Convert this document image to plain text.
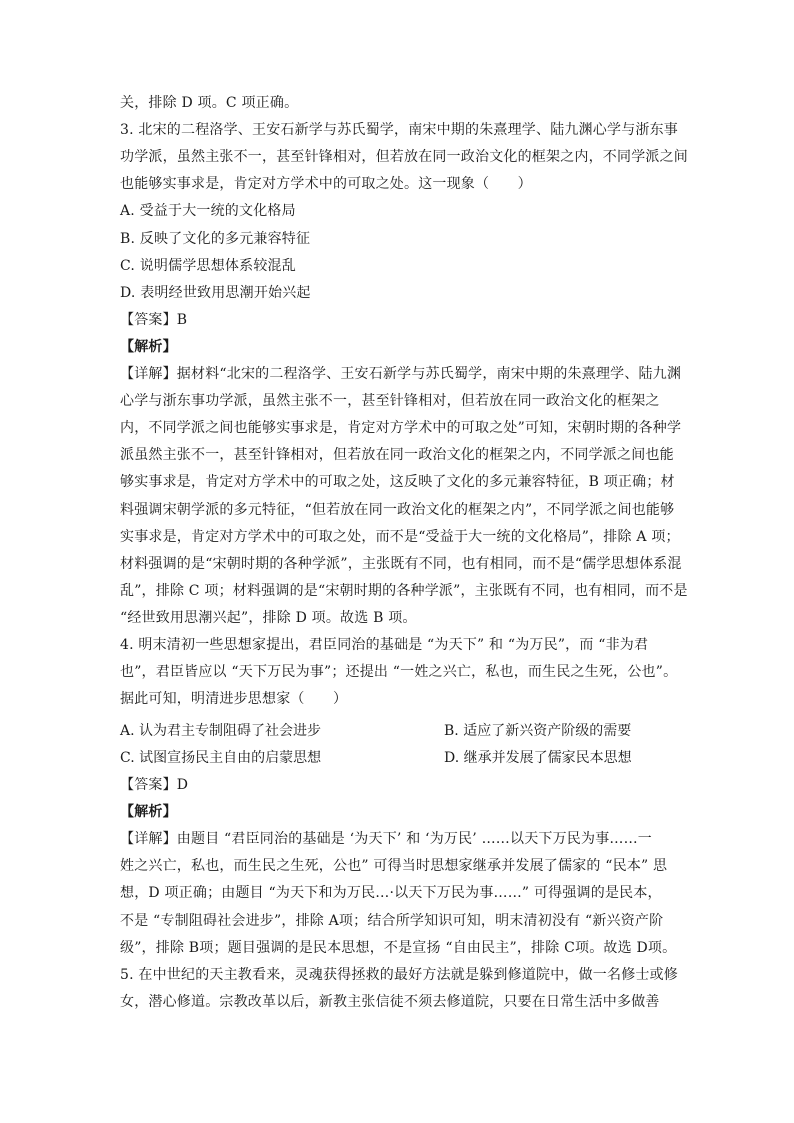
关，排除 D 项。C 项正确。
3. 北宋的二程洛学、王安石新学与苏氏蜀学，南宋中期的朱熹理学、陆九渊心学与浙东事
功学派，虽然主张不一，甚至针锋相对，但若放在同一政治文化的框架之内，不同学派之间
也能够实事求是，肯定对方学术中的可取之处。这一现象（　　）
A. 受益于大一统的文化格局
B. 反映了文化的多元兼容特征
C. 说明儒学思想体系较混乱
D. 表明经世致用思潮开始兴起
【答案】B
【解析】
【详解】据材料“北宋的二程洛学、王安石新学与苏氏蜀学，南宋中期的朱熹理学、陆九渊
心学与浙东事功学派，虽然主张不一，甚至针锋相对，但若放在同一政治文化的框架之
内，不同学派之间也能够实事求是，肯定对方学术中的可取之处”可知，宋朝时期的各种学
派虽然主张不一，甚至针锋相对，但若放在同一政治文化的框架之内，不同学派之间也能
够实事求是，肯定对方学术中的可取之处，这反映了文化的多元兼容特征，B 项正确；材
料强调宋朝学派的多元特征，“但若放在同一政治文化的框架之内”，不同学派之间也能够
实事求是，肯定对方学术中的可取之处，而不是“受益于大一统的文化格局”，排除 A 项；
材料强调的是“宋朝时期的各种学派”，主张既有不同，也有相同，而不是“儒学思想体系混
乱”，排除 C 项；材料强调的是“宋朝时期的各种学派”，主张既有不同，也有相同，而不是
“经世致用思潮兴起”，排除 D 项。故选 B 项。
4. 明末清初一些思想家提出，君臣同治的基础是 “为天下” 和 “为万民”，而 “非为君
也”，君臣皆应以 “天下万民为事”；还提出 “一姓之兴亡，私也，而生民之生死，公也”。
据此可知，明清进步思想家（　　）
A. 认为君主专制阻碍了社会进步	B. 适应了新兴资产阶级的需要
C. 试图宣扬民主自由的启蒙思想	D. 继承并发展了儒家民本思想
【答案】D
【解析】
【详解】由题目 “君臣同治的基础是 ‘为天下’ 和 ‘为万民’ ……以天下万民为事……一
姓之兴亡，私也，而生民之生死，公也” 可得当时思想家继承并发展了儒家的 “民本” 思
想，D 项正确；由题目 “为天下和为万民…·以天下万民为事……” 可得强调的是民本，
不是 “专制阻碍社会进步”，排除 A项；结合所学知识可知，明末清初没有 “新兴资产阶
级”，排除 B项；题目强调的是民本思想，不是宣扬 “自由民主”，排除 C项。故选 D项。
5. 在中世纪的天主教看来，灵魂获得拯救的最好方法就是躲到修道院中，做一名修士或修
女，潜心修道。宗教改革以后，新教主张信徒不须去修道院，只要在日常生活中多做善
